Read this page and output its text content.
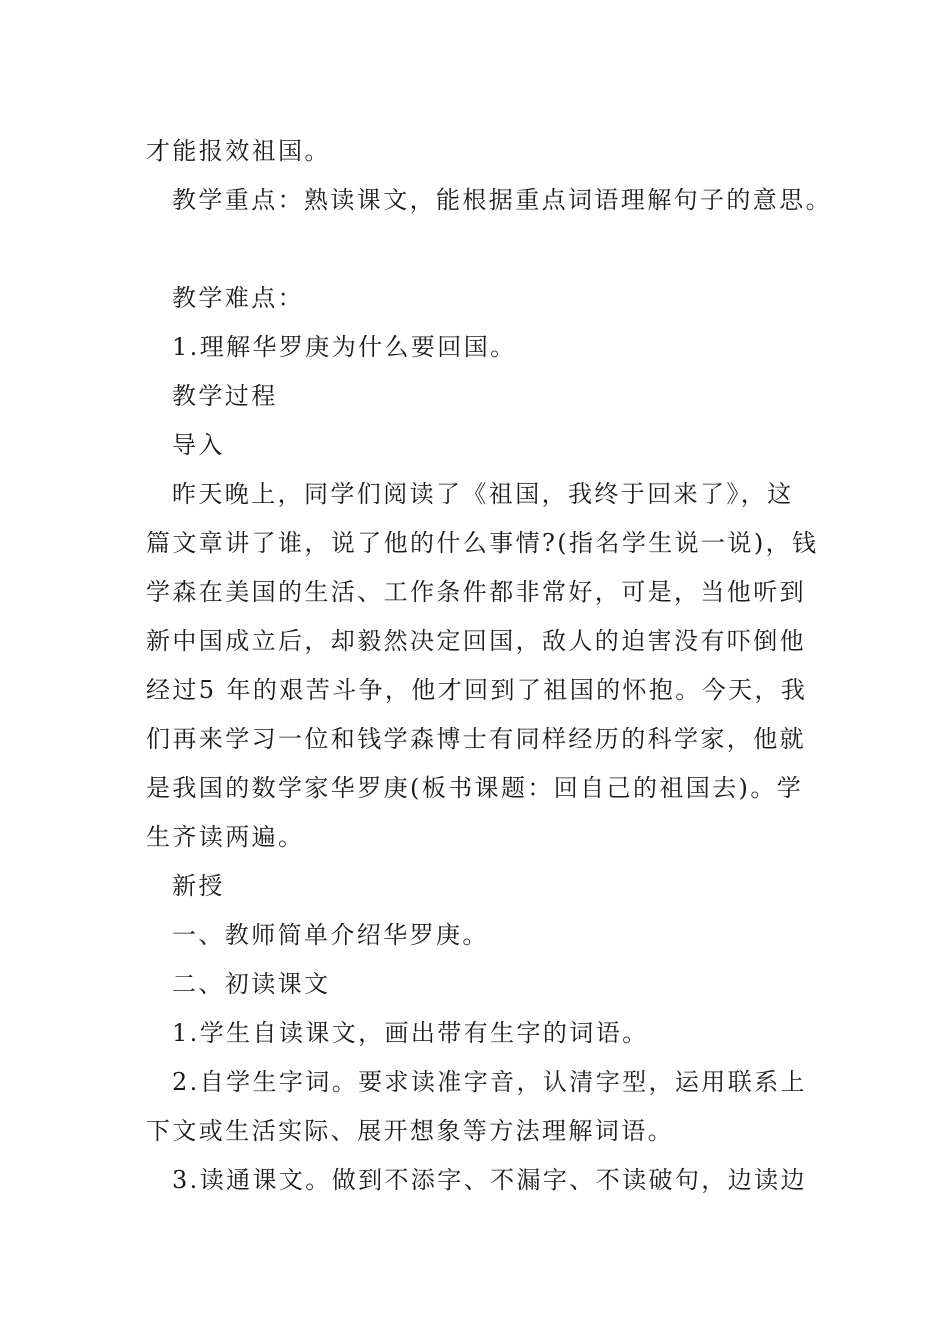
才能报效祖国。
教学重点：熟读课文，能根据重点词语理解句子的意思。
教学难点：
1.理解华罗庚为什么要回国。
教学过程
导入
昨天晚上，同学们阅读了《祖国，我终于回来了》，这
篇文章讲了谁，说了他的什么事情?(指名学生说一说)，钱
学森在美国的生活、工作条件都非常好，可是，当他听到
新中国成立后，却毅然决定回国，敌人的迫害没有吓倒他
经过5 年的艰苦斗争，他才回到了祖国的怀抱。今天，我
们再来学习一位和钱学森博士有同样经历的科学家，他就
是我国的数学家华罗庚(板书课题：回自己的祖国去)。学
生齐读两遍。
新授
一、教师简单介绍华罗庚。
二、初读课文
1.学生自读课文，画出带有生字的词语。
2.自学生字词。要求读准字音，认清字型，运用联系上
下文或生活实际、展开想象等方法理解词语。
3.读通课文。做到不添字、不漏字、不读破句，边读边
